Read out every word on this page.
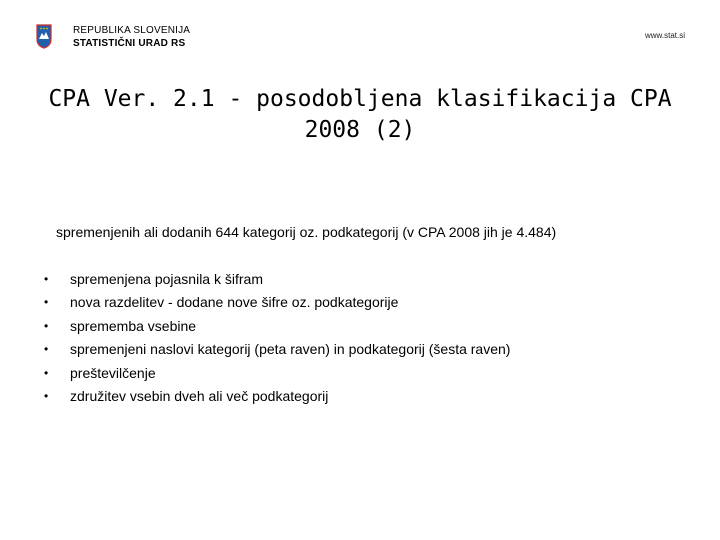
REPUBLIKA SLOVENIJA
STATISTIČNI URAD RS
www.stat.si
CPA Ver. 2.1 - posodobljena klasifikacija CPA
2008 (2)
spremenjenih ali dodanih 644 kategorij oz. podkategorij (v CPA 2008 jih je 4.484)
•	spremenjena pojasnila k šifram
•	nova razdelitev - dodane nove šifre oz. podkategorije
•	sprememba vsebine
•	spremenjeni naslovi kategorij (peta raven) in podkategorij (šesta raven)
•	preštevilčenje
•	združitev vsebin dveh ali več podkategorij
